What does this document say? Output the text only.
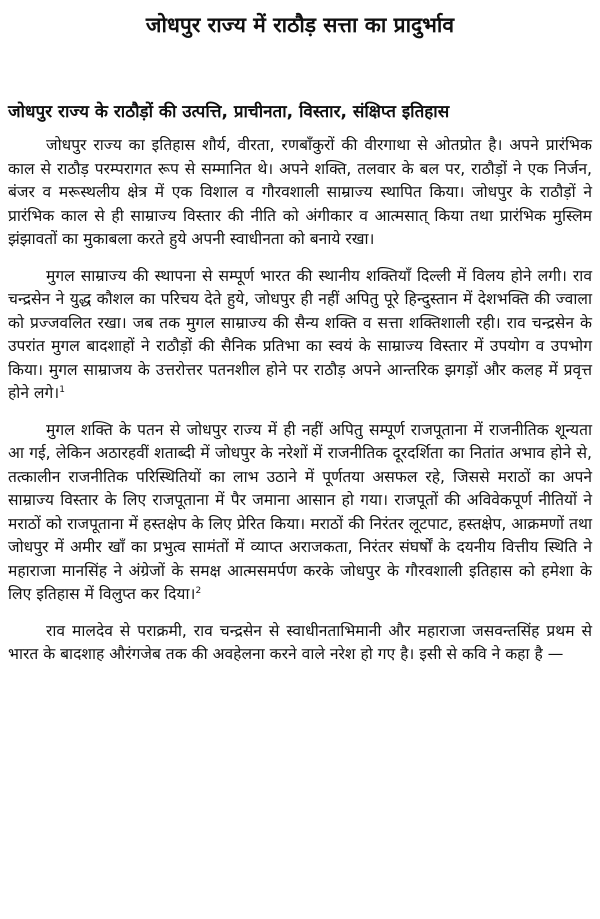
जोधपुर राज्य में राठौड़ सत्ता का प्रादुर्भाव
जोधपुर राज्य के राठौड़ों की उत्पत्ति, प्राचीनता, विस्तार, संक्षिप्त इतिहास

जोधपुर राज्य का इतिहास शौर्य, वीरता, रणबाँकुरों की वीरगाथा से ओतप्रोत है। अपने प्रारंभिक काल से राठौड़ परम्परागत रूप से सम्मानित थे। अपने शक्ति, तलवार के बल पर, राठौड़ों ने एक निर्जन, बंजर व मरूस्थलीय क्षेत्र में एक विशाल व गौरवशाली साम्राज्य स्थापित किया। जोधपुर के राठौड़ों ने प्रारंभिक काल से ही साम्राज्य विस्तार की नीति को अंगीकार व आत्मसात् किया तथा प्रारंभिक मुस्लिम झंझावतों का मुकाबला करते हुये अपनी स्वाधीनता को बनाये रखा।

मुगल साम्राज्य की स्थापना से सम्पूर्ण भारत की स्थानीय शक्तियाँ दिल्ली में विलय होने लगी। राव चन्द्रसेन ने युद्ध कौशल का परिचय देते हुये, जोधपुर ही नहीं अपितु पूरे हिन्दुस्तान में देशभक्ति की ज्वाला को प्रज्जवलित रखा। जब तक मुगल साम्राज्य की सैन्य शक्ति व सत्ता शक्तिशाली रही। राव चन्द्रसेन के उपरांत मुगल बादशाहों ने राठौड़ों की सैनिक प्रतिभा का स्वयं के साम्राज्य विस्तार में उपयोग व उपभोग किया। मुगल साम्राजय के उत्तरोत्तर पतनशील होने पर राठौड़ अपने आन्तरिक झगड़ों और कलह में प्रवृत्त होने लगे।$^1$

मुगल शक्ति के पतन से जोधपुर राज्य में ही नहीं अपितु सम्पूर्ण राजपूताना में राजनीतिक शून्यता आ गई, लेकिन अठारहवीं शताब्दी में जोधपुर के नरेशों में राजनीतिक दूरदर्शिता का नितांत अभाव होने से, तत्कालीन राजनीतिक परिस्थितियों का लाभ उठाने में पूर्णतया असफल रहे, जिससे मराठों का अपने साम्राज्य विस्तार के लिए राजपूताना में पैर जमाना आसान हो गया। राजपूतों की अविवेकपूर्ण नीतियों ने मराठों को राजपूताना में हस्तक्षेप के लिए प्रेरित किया। मराठों की निरंतर लूटपाट, हस्तक्षेप, आक्रमणों तथा जोधपुर में अमीर खाँ का प्रभुत्व सामंतों में व्याप्त अराजकता, निरंतर संघर्षों के दयनीय वित्तीय स्थिति ने महाराजा मानसिंह ने अंग्रेजों के समक्ष आत्मसमर्पण करके जोधपुर के गौरवशाली इतिहास को हमेशा के लिए इतिहास में विलुप्त कर दिया।$^2$

राव मालदेव से पराक्रमी, राव चन्द्रसेन से स्वाधीनताभिमानी और महाराजा जसवन्तसिंह प्रथम से भारत के बादशाह औरंगजेब तक की अवहेलना करने वाले नरेश हो गए है। इसी से कवि ने कहा है —
